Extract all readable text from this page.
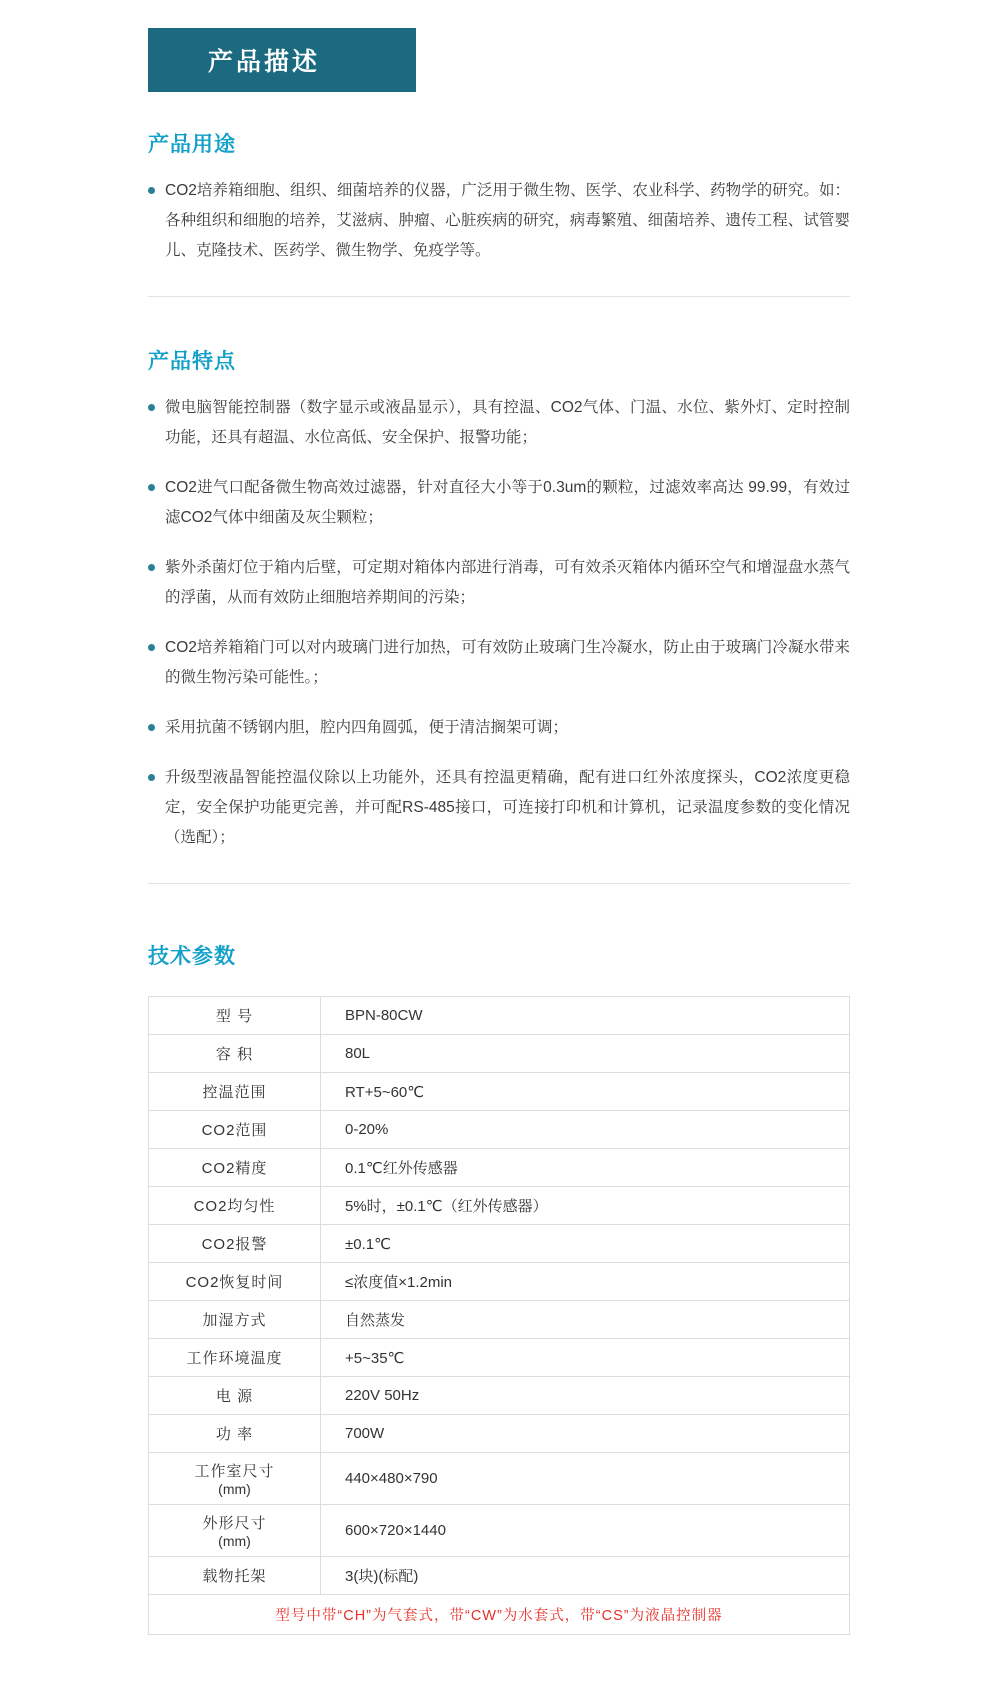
产品描述
产品用途

CO2培养箱细胞、组织、细菌培养的仪器，广泛用于微生物、医学、农业科学、药物学的研究。如：各种组织和细胞的培养，艾滋病、肿瘤、心脏疾病的研究，病毒繁殖、细菌培养、遗传工程、试管婴儿、克隆技术、医药学、微生物学、免疫学等。

产品特点

微电脑智能控制器（数字显示或液晶显示），具有控温、CO2气体、门温、水位、紫外灯、定时控制功能，还具有超温、水位高低、安全保护、报警功能；

CO2进气口配备微生物高效过滤器，针对直径大小等于0.3um的颗粒，过滤效率高达 99.99，有效过滤CO2气体中细菌及灰尘颗粒；

紫外杀菌灯位于箱内后壁，可定期对箱体内部进行消毒，可有效杀灭箱体内循环空气和增湿盘水蒸气的浮菌，从而有效防止细胞培养期间的污染；

CO2培养箱箱门可以对内玻璃门进行加热，可有效防止玻璃门生冷凝水，防止由于玻璃门冷凝水带来的微生物污染可能性。；

采用抗菌不锈钢内胆，腔内四角圆弧，便于清洁搁架可调；

升级型液晶智能控温仪除以上功能外，还具有控温更精确，配有进口红外浓度探头，CO2浓度更稳定，安全保护功能更完善，并可配RS-485接口，可连接打印机和计算机，记录温度参数的变化情况（选配）；

技术参数
型 号	BPN-80CW
容 积	80L
控温范围	RT+5~60℃
CO2范围	0-20%
CO2精度	0.1℃红外传感器
CO2均匀性	5%时，±0.1℃（红外传感器）
CO2报警	±0.1℃
CO2恢复时间	≤浓度值×1.2min
加湿方式	自然蒸发
工作环境温度	+5~35℃
电 源	220V 50Hz
功 率	700W
工作室尺寸
(mm)	440×480×790
外形尺寸
(mm)	600×720×1440
载物托架	3(块)(标配)
型号中带“CH”为气套式，带“CW”为水套式，带“CS”为液晶控制器	
